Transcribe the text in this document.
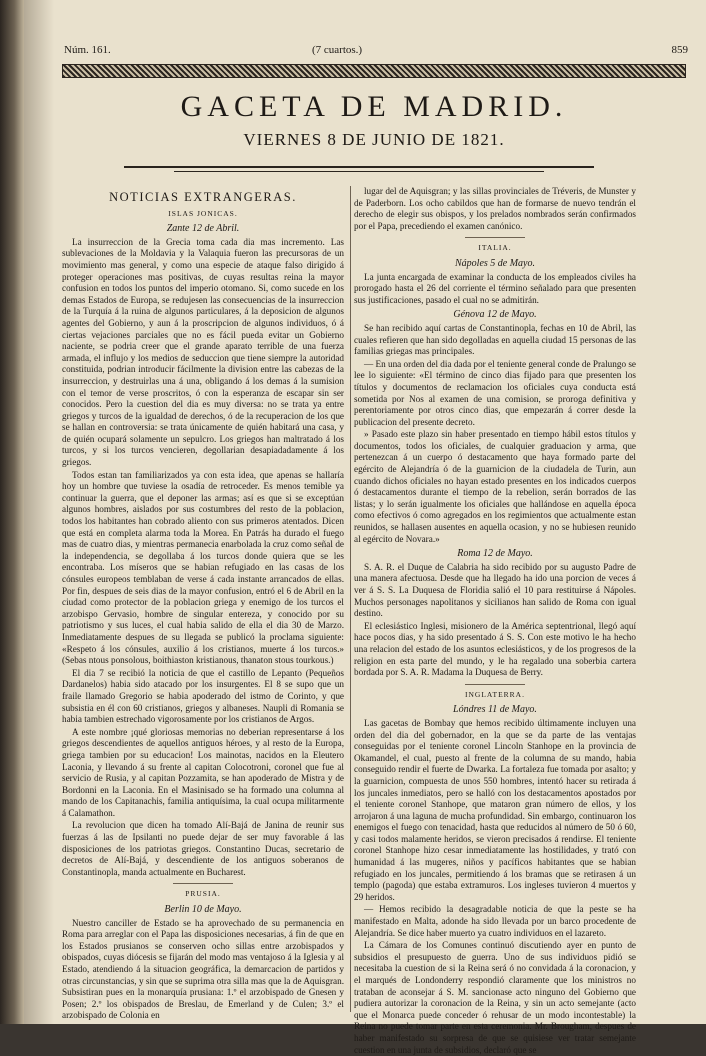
Núm. 161.	(7 cuartos.)	859
GACETA DE MADRID.
VIERNES 8 DE JUNIO DE 1821.
NOTICIAS EXTRANGERAS.
ISLAS JONICAS.
Zante 12 de Abril.

La insurreccion de la Grecia toma cada dia mas incremento. Las sublevaciones de la Moldavia y la Valaquia fueron las precursoras de un movimiento mas general, y como una especie de ataque falso dirigido á proteger operaciones mas positivas, de cuyas resultas reina la mayor confusion en todos los puntos del imperio otomano. Si, como sucede en los demas Estados de Europa, se redujesen las consecuencias de la insurreccion de la Turquía á la ruina de algunos particulares, á la deposicion de algunos agentes del Gobierno, y aun á la proscripcion de algunos individuos, ó á ciertas vejaciones parciales que no es fácil pueda evitar un Gobierno naciente, se podria creer que el grande aparato terrible de una fuerza armada, el influjo y los medios de seduccion que tiene siempre la autoridad constituida, podrian introducir fácilmente la division entre las cabezas de la insurreccion, y destruirlas una á una, obligando á los demas á la sumision con el temor de verse proscritos, ó con la esperanza de escapar sin ser conocidos. Pero la cuestion del dia es muy diversa: no se trata ya entre griegos y turcos de la igualdad de derechos, ó de la recuperacion de los que se hallan en controversia: se trata únicamente de quién habitará una casa, y de quién ocupará solamente un sepulcro. Los griegos han maltratado á los turcos, y si los turcos vencieren, degollarian desapiadadamente á los griegos.

Todos estan tan familiarizados ya con esta idea, que apenas se hallaría hoy un hombre que tuviese la osadía de retroceder. Es menos temible ya continuar la guerra, que el deponer las armas; así es que si se exceptúan algunos hombres, aislados por sus costumbres del resto de la poblacion, todos los habitantes han cobrado aliento con sus primeros atentados. Dicen que está en completa alarma toda la Morea. En Patrás ha durado el fuego mas de cuatro dias, y mientras permanecia enarbolada la cruz como señal de la independencia, se degollaba á los turcos donde quiera que se les encontraba. Los míseros que se habian refugiado en las casas de los cónsules europeos temblaban de verse á cada instante arrancados de ellas. Por fin, despues de seis dias de la mayor confusion, entró el 6 de Abril en la ciudad como protector de la poblacion griega y enemigo de los turcos el arzobispo Gervasio, hombre de singular entereza, y conocido por su patriotismo y sus luces, el cual habia salido de ella el dia 30 de Marzo. Inmediatamente despues de su llegada se publicó la proclama siguiente: «Respeto á los cónsules, auxilio á los cristianos, muerte á los turcos.» (Sebas ntous ponsolous, boithiaston kristianous, thanaton stous tourkous.)

El dia 7 se recibió la noticia de que el castillo de Lepanto (Pequeños Dardanelos) habia sido atacado por los insurgentes. El 8 se supo que un fraile llamado Gregorio se habia apoderado del istmo de Corinto, y que subsistia en él con 60 cristianos, griegos y albaneses. Naupli di Romania se habia tambien estrechado vigorosamente por los cristianos de Argos.

A este nombre ¡qué gloriosas memorias no deberian representarse á los griegos descendientes de aquellos antiguos héroes, y al resto de la Europa, griega tambien por su educacion! Los mainotas, nacidos en la Eleutero Laconia, y llevando á su frente al capitan Colocotroni, coronel que fue al servicio de Rusia, y al capitan Pozzamita, se han apoderado de Mistra y de Bordonni en la Laconia. En el Masinisado se ha formado una columna al mando de los Capitanachis, familia antiquísima, la cual ocupa militarmente á Calamathon.

La revolucion que dicen ha tomado Alí-Bajá de Janina de reunir sus fuerzas á las de Ipsilanti no puede dejar de ser muy favorable á las disposiciones de los patriotas griegos. Constantino Ducas, secretario de decretos de Alí-Bajá, y descendiente de los antiguos soberanos de Constantinopla, manda actualmente en Bucharest.

PRUSIA.
Berlin 10 de Mayo.

Nuestro canciller de Estado se ha aprovechado de su permanencia en Roma para arreglar con el Papa las disposiciones necesarias, á fin de que en los Estados prusianos se conserven ocho sillas entre arzobispados y obispados, cuyas diócesis se fijarán del modo mas ventajoso á la Iglesia y al Estado, atendiendo á la situacion geográfica, la demarcacion de partidos y otras circunstancias, y sin que se suprima otra silla mas que la de Aquisgran. Subsistiran pues en la monarquía prusiana: 1.º el arzobispado de Gnesen y Posen; 2.º los obispados de Breslau, de Emerland y de Culen; 3.º el arzobispado de Colonia en

lugar del de Aquisgran; y las sillas provinciales de Tréveris, de Munster y de Paderborn. Los ocho cabildos que han de formarse de nuevo tendrán el derecho de elegir sus obispos, y los prelados nombrados serán confirmados por el Papa, precediendo el examen canónico.

ITALIA.
Nápoles 5 de Mayo.

La junta encargada de examinar la conducta de los empleados civiles ha prorogado hasta el 26 del corriente el término señalado para que presenten sus justificaciones, pasado el cual no se admitirán.

Génova 12 de Mayo.

Se han recibido aquí cartas de Constantinopla, fechas en 10 de Abril, las cuales refieren que han sido degolladas en aquella ciudad 15 personas de las familias griegas mas principales.

— En una orden del dia dada por el teniente general conde de Pralungo se lee lo siguiente: «El término de cinco dias fijado para que presenten los títulos y documentos de reclamacion los oficiales cuya conducta está sometida por Nos al examen de una comision, se proroga definitiva y perentoriamente por otros cinco dias, que empezarán á correr desde la publicacion del presente decreto.

» Pasado este plazo sin haber presentado en tiempo hábil estos títulos y documentos, todos los oficiales, de cualquier graduacion y arma, que pertenezcan á un cuerpo ó destacamento que haya formado parte del egército de Alejandría ó de la guarnicion de la ciudadela de Turin, aun cuando dichos oficiales no hayan estado presentes en los indicados cuerpos ó destacamentos durante el tiempo de la rebelion, serán borrados de las listas; y lo serán igualmente los oficiales que hallándose en aquella época como efectivos ó como agregados en los regimientos que actualmente estan reunidos, se hallasen ausentes en aquella ocasion, y no se hubiesen reunido al egército de Novara.»

Roma 12 de Mayo.

S. A. R. el Duque de Calabria ha sido recibido por su augusto Padre de una manera afectuosa. Desde que ha llegado ha ido una porcion de veces á ver á S. S. La Duquesa de Floridia salió el 10 para restituirse á Nápoles. Muchos personages napolitanos y sicilianos han salido de Roma con igual destino.

El eclesiástico Inglesi, misionero de la América septentrional, llegó aquí hace pocos dias, y ha sido presentado á S. S. Con este motivo le ha hecho una relacion del estado de los asuntos eclesiásticos, y de los progresos de la religion en esta parte del mundo, y le ha regalado una soberbia cartera bordada por S. A. R. Madama la Duquesa de Berry.

INGLATERRA.
Lóndres 11 de Mayo.

Las gacetas de Bombay que hemos recibido últimamente incluyen una orden del dia del gobernador, en la que se da parte de las ventajas conseguidas por el teniente coronel Lincoln Stanhope en la provincia de Okamandel, el cual, puesto al frente de la columna de su mando, habia conseguido rendir el fuerte de Dwarka. La fortaleza fue tomada por asalto; y la guarnicion, compuesta de unos 550 hombres, intentó hacer su retirada á los juncales inmediatos, pero se halló con los destacamentos apostados por el teniente coronel Stanhope, que mataron gran número de ellos, y los arrojaron á una laguna de mucha profundidad. Sin embargo, continuaron los enemigos el fuego con tenacidad, hasta que reducidos al número de 50 ó 60, y casi todos malamente heridos, se vieron precisados á rendirse. El teniente coronel Stanhope hizo cesar inmediatamente las hostilidades, y trató con humanidad á las mugeres, niños y pacíficos habitantes que se habian refugiado en los juncales, permitiendo á los bramas que se retirasen á un templo (pagoda) que estaba extramuros. Los ingleses tuvieron 4 muertos y 29 heridos.

— Hemos recibido la desagradable noticia de que la peste se ha manifestado en Malta, adonde ha sido llevada por un barco procedente de Alejandría. Se dice haber muerto ya cuatro individuos en el lazareto.

La Cámara de los Comunes continuó discutiendo ayer en punto de subsidios el presupuesto de guerra. Uno de sus individuos pidió se necesitaba la cuestion de si la Reina será ó no convidada á la coronacion, y el marqués de Londonderry respondió claramente que los ministros no trataban de aconsejar á S. M. sancionase acto ninguno del Gobierno que pudiera autorizar la coronacion de la Reina, y sin un acto semejante (acto que el Monarca puede conceder ó rehusar de un modo incontestable) la Reina no puede tomar parte en esta ceremonia. Mr. Brougham, despues de haber manifestado su sorpresa de que se quisiese ver tratar semejante cuestion en una junta de subsidios, declaró que se
